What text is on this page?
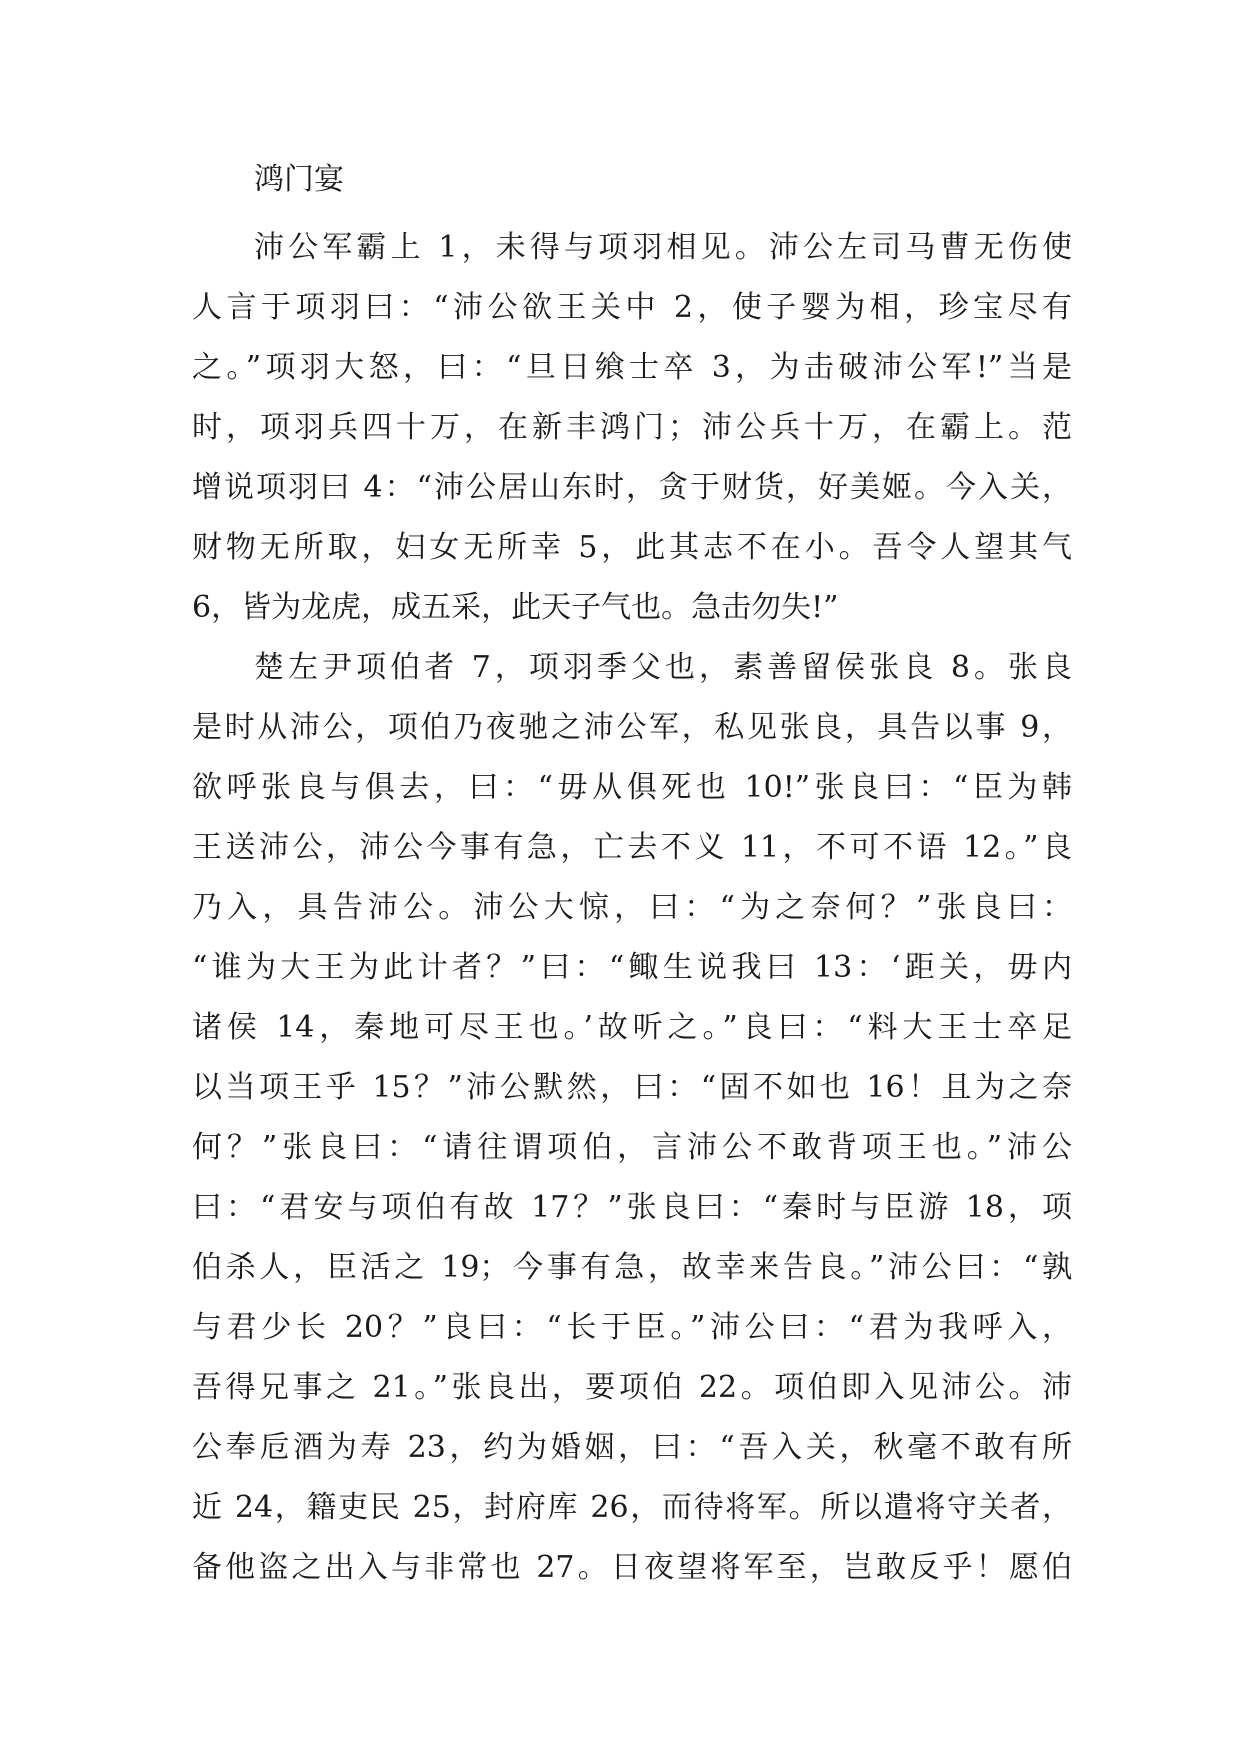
鸿门宴
沛公军霸上 1，未得与项羽相见。沛公左司马曹无伤使
人言于项羽曰：“沛公欲王关中 2，使子婴为相，珍宝尽有
之。”项羽大怒，曰：“旦日飨士卒 3，为击破沛公军!”当是
时，项羽兵四十万，在新丰鸿门；沛公兵十万，在霸上。范
增说项羽曰 4：“沛公居山东时，贪于财货，好美姬。今入关，
财物无所取，妇女无所幸 5，此其志不在小。吾令人望其气
6，皆为龙虎，成五采，此天子气也。急击勿失!”
楚左尹项伯者 7，项羽季父也，素善留侯张良 8。张良
是时从沛公，项伯乃夜驰之沛公军，私见张良，具告以事 9，
欲呼张良与俱去，曰：“毋从俱死也 10!”张良曰：“臣为韩
王送沛公，沛公今事有急，亡去不义 11，不可不语 12。”良
乃入，具告沛公。沛公大惊，曰：“为之奈何？”张良曰：
“谁为大王为此计者？”曰：“鲰生说我曰 13：‘距关，毋内
诸侯 14，秦地可尽王也。’故听之。”良曰：“料大王士卒足
以当项王乎 15？”沛公默然，曰：“固不如也 16！且为之奈
何？”张良曰：“请往谓项伯，言沛公不敢背项王也。”沛公
曰：“君安与项伯有故 17？”张良曰：“秦时与臣游 18，项
伯杀人，臣活之 19；今事有急，故幸来告良。”沛公曰：“孰
与君少长 20？”良曰：“长于臣。”沛公曰：“君为我呼入，
吾得兄事之 21。”张良出，要项伯 22。项伯即入见沛公。沛
公奉卮酒为寿 23，约为婚姻，曰：“吾入关，秋毫不敢有所
近 24，籍吏民 25，封府库 26，而待将军。所以遣将守关者，
备他盗之出入与非常也 27。日夜望将军至，岂敢反乎！愿伯
